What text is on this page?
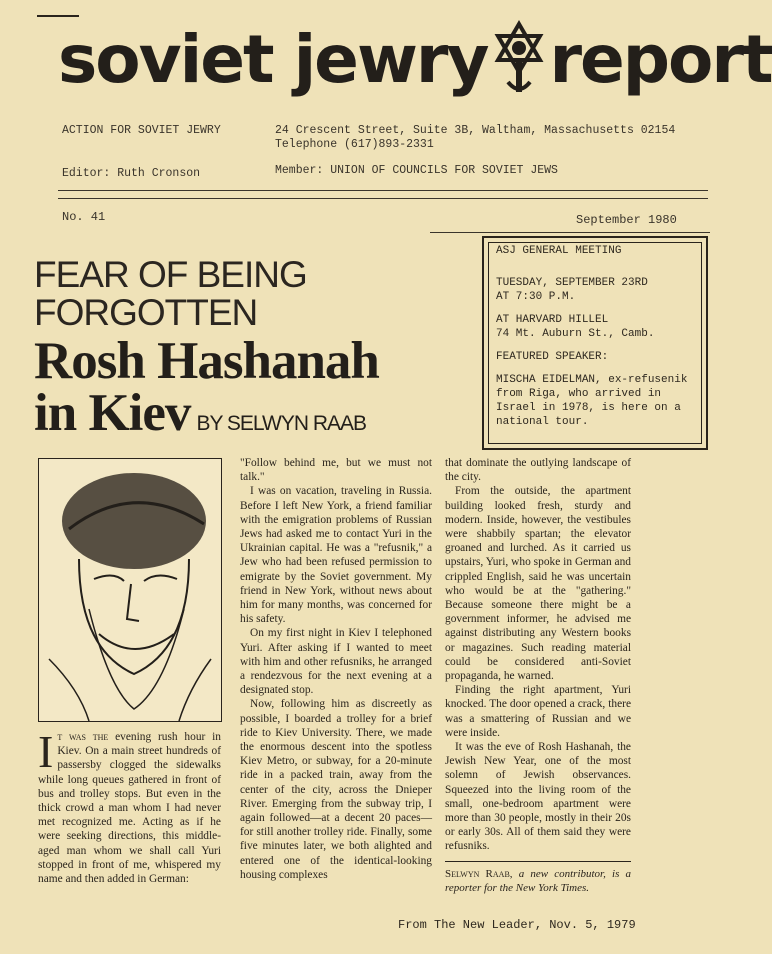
soviet jewry report
ACTION FOR SOVIET JEWRY	24 Crescent Street, Suite 3B, Waltham, Massachusetts 02154
Telephone (617)893-2331
Editor: Ruth Cronson	Member: UNION OF COUNCILS FOR SOVIET JEWS
No. 41	September 1980
FEAR OF BEING
FORGOTTEN
Rosh Hashanah
in Kiev BY SELWYN RAAB

ASJ GENERAL MEETING

TUESDAY, SEPTEMBER 23RD
AT 7:30 P.M.

AT HARVARD HILLEL
74 Mt. Auburn St., Camb.

FEATURED SPEAKER:

MISCHA EIDELMAN, ex-refusenik from Riga, who arrived in Israel in 1978, is here on a national tour.

It was the evening rush hour in Kiev. On a main street hundreds of passersby clogged the sidewalks while long queues gathered in front of bus and trolley stops. But even in the thick crowd a man whom I had never met recognized me. Acting as if he were seeking directions, this middle-aged man whom we shall call Yuri stopped in front of me, whispered my name and then added in German:

"Follow behind me, but we must not talk."

I was on vacation, traveling in Russia. Before I left New York, a friend familiar with the emigration problems of Russian Jews had asked me to contact Yuri in the Ukrainian capital. He was a "refusnik," a Jew who had been refused permission to emigrate by the Soviet government. My friend in New York, without news about him for many months, was concerned for his safety.

On my first night in Kiev I telephoned Yuri. After asking if I wanted to meet with him and other refusniks, he arranged a rendezvous for the next evening at a designated stop.

Now, following him as discreetly as possible, I boarded a trolley for a brief ride to Kiev University. There, we made the enormous descent into the spotless Kiev Metro, or subway, for a 20-minute ride in a packed train, away from the center of the city, across the Dnieper River. Emerging from the subway trip, I again followed—at a decent 20 paces—for still another trolley ride. Finally, some five minutes later, we both alighted and entered one of the identical-looking housing complexes

that dominate the outlying landscape of the city.

From the outside, the apartment building looked fresh, sturdy and modern. Inside, however, the vestibules were shabbily spartan; the elevator groaned and lurched. As it carried us upstairs, Yuri, who spoke in German and crippled English, said he was uncertain who would be at the "gathering." Because someone there might be a government informer, he advised me against distributing any Western books or magazines. Such reading material could be considered anti-Soviet propaganda, he warned.

Finding the right apartment, Yuri knocked. The door opened a crack, there was a smattering of Russian and we were inside.

It was the eve of Rosh Hashanah, the Jewish New Year, one of the most solemn of Jewish observances. Squeezed into the living room of the small, one-bedroom apartment were more than 30 people, mostly in their 20s or early 30s. All of them said they were refusniks.

Selwyn Raab, a new contributor, is a reporter for the New York Times.
From The New Leader, Nov. 5, 1979
